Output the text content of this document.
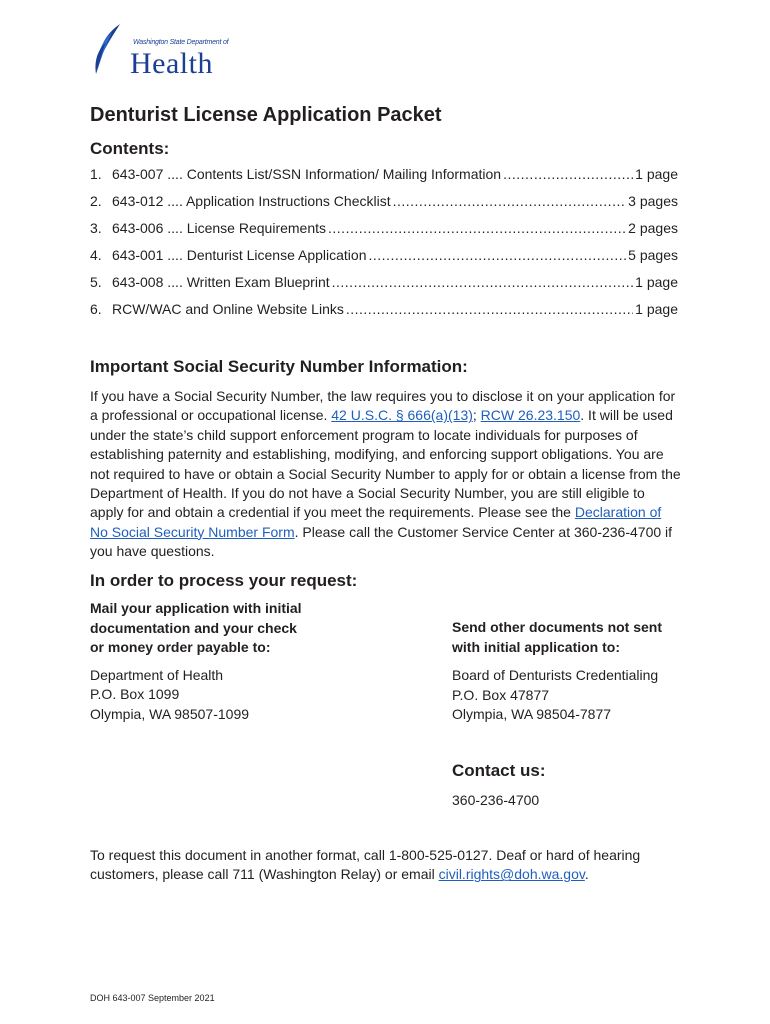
Washington State Department of
Health
Denturist License Application Packet
Contents:
1. 643-007 .... Contents List/SSN Information/ Mailing Information .....	1 page
2. 643-012 .... Application Instructions Checklist .....	3 pages
3. 643-006 .... License Requirements .....	2 pages
4. 643-001 .... Denturist License Application .....	5 pages
5. 643-008 .... Written Exam Blueprint .....	1 page
6. RCW/WAC and Online Website Links .....	1 page
Important Social Security Number Information:

If you have a Social Security Number, the law requires you to disclose it on your application for a professional or occupational license. 42 U.S.C. § 666(a)(13); RCW 26.23.150. It will be used under the state’s child support enforcement program to locate individuals for purposes of establishing paternity and establishing, modifying, and enforcing support obligations. You are not required to have or obtain a Social Security Number to apply for or obtain a license from the Department of Health. If you do not have a Social Security Number, you are still eligible to apply for and obtain a credential if you meet the requirements. Please see the Declaration of No Social Security Number Form. Please call the Customer Service Center at 360-236-4700 if you have questions.

In order to process your request:

Mail your application with initial
documentation and your check
or money order payable to:

Department of Health
P.O. Box 1099
Olympia, WA 98507-1099

Send other documents not sent
with initial application to:

Board of Denturists Credentialing
P.O. Box 47877
Olympia, WA 98504-7877

Contact us:
360-236-4700

To request this document in another format, call 1-800-525-0127. Deaf or hard of hearing customers, please call 711 (Washington Relay) or email civil.rights@doh.wa.gov.

DOH 643-007 September 2021
